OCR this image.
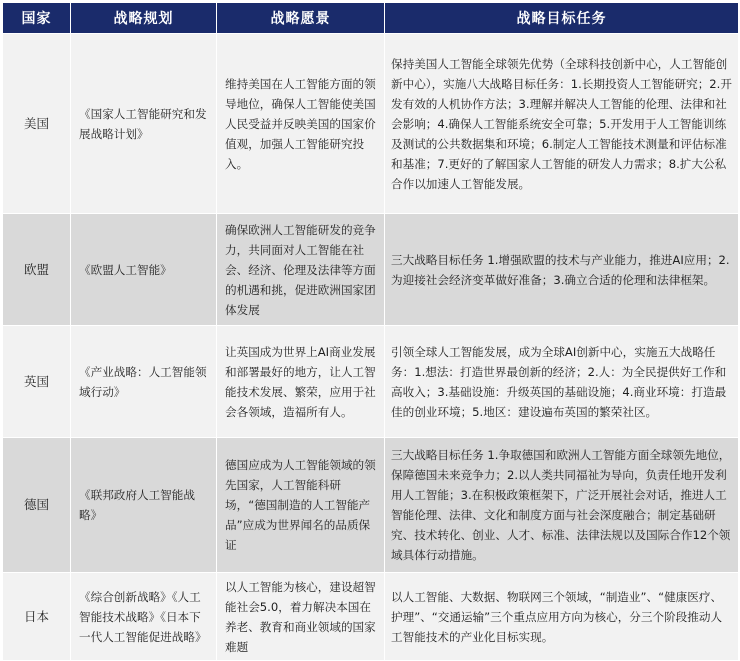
国家	战略规划	战略愿景	战略目标任务
美国	《国家人工智能研究和发展战略计划》	维持美国在人工智能方面的领导地位，确保人工智能使美国人民受益并反映美国的国家价值观，加强人工智能研究投入。	保持美国人工智能全球领先优势（全球科技创新中心，人工智能创新中心），实施八大战略目标任务：1.长期投资人工智能研究；2.开发有效的人机协作方法；3.理解并解决人工智能的伦理、法律和社会影响；4.确保人工智能系统安全可靠；5.开发用于人工智能训练及测试的公共数据集和环境；6.制定人工智能技术测量和评估标准和基准；7.更好的了解国家人工智能的研发人力需求；8.扩大公私合作以加速人工智能发展。
欧盟	《欧盟人工智能》	确保欧洲人工智能研发的竞争力，共同面对人工智能在社会、经济、伦理及法律等方面的机遇和挑，促进欧洲国家团体发展	三大战略目标任务 1.增强欧盟的技术与产业能力，推进AI应用；2.为迎接社会经济变革做好准备；3.确立合适的伦理和法律框架。
英国	《产业战略：人工智能领域行动》	让英国成为世界上AI商业发展和部署最好的地方，让人工智能技术发展、繁荣，应用于社会各领域，造福所有人。	引领全球人工智能发展，成为全球AI创新中心，实施五大战略任务：1.想法：打造世界最创新的经济；2.人：为全民提供好工作和高收入；3.基础设施：升级英国的基础设施；4.商业环境：打造最佳的创业环境；5.地区：建设遍布英国的繁荣社区。
德国	《联邦政府人工智能战略》	德国应成为人工智能领域的领先国家，人工智能科研场，“德国制造的人工智能产品”应成为世界闻名的品质保证	三大战略目标任务 1.争取德国和欧洲人工智能方面全球领先地位，保障德国未来竞争力；2.以人类共同福祉为导向，负责任地开发利用人工智能；3.在积极政策框架下，广泛开展社会对话，推进人工智能伦理、法律、文化和制度方面与社会深度融合；制定基础研究、技术转化、创业、人才、标准、法律法规以及国际合作12个领域具体行动措施。
日本	《综合创新战略》《人工智能技术战略》《日本下一代人工智能促进战略》	以人工智能为核心，建设超智能社会5.0，着力解决本国在养老、教育和商业领域的国家难题	以人工智能、大数据、物联网三个领域，“制造业”、“健康医疗、护理”、“交通运输”三个重点应用方向为核心，分三个阶段推动人工智能技术的产业化目标实现。
